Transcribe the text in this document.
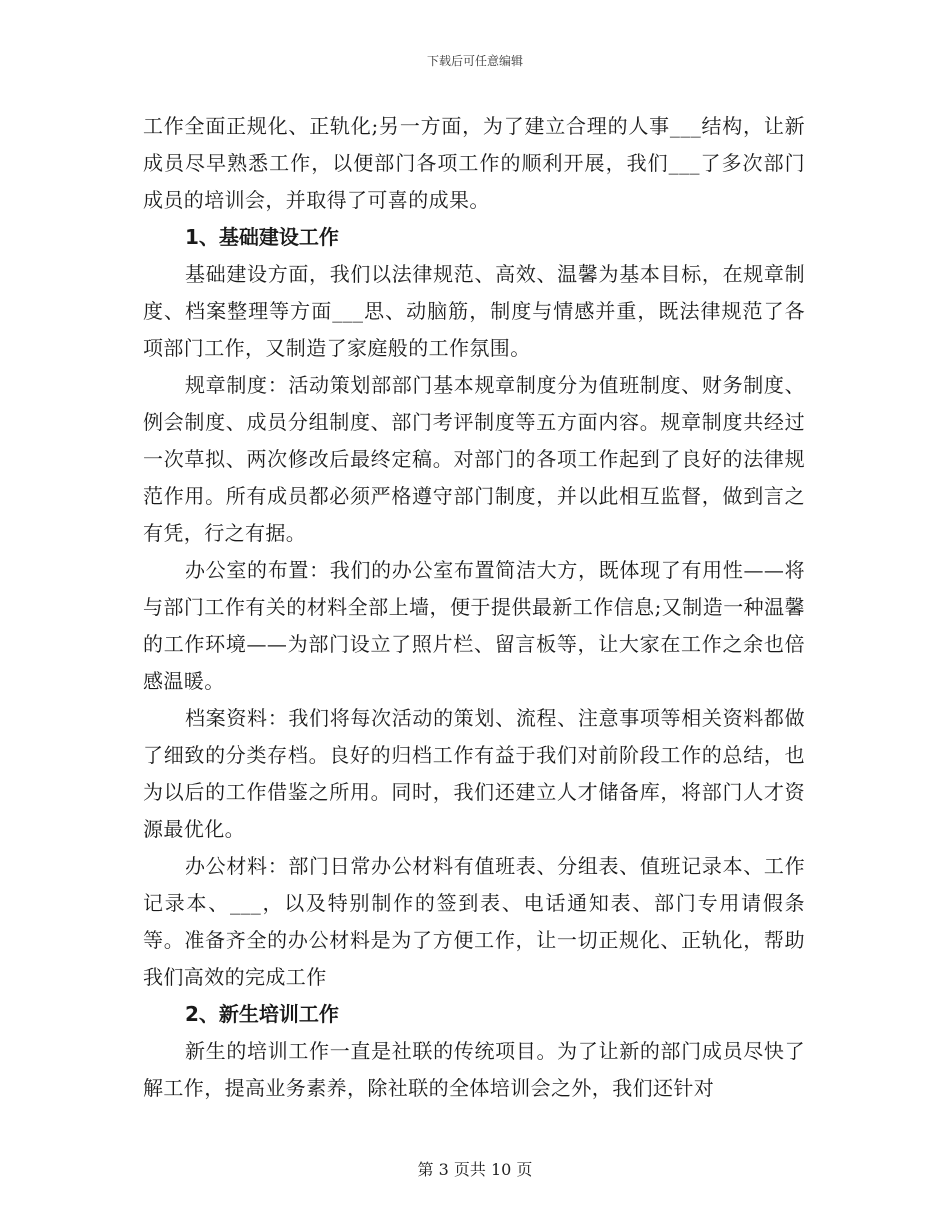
下载后可任意编辑

工作全面正规化、正轨化;另一方面，为了建立合理的人事___结构，让新成员尽早熟悉工作，以便部门各项工作的顺利开展，我们___了多次部门成员的培训会，并取得了可喜的成果。

1、基础建设工作

基础建设方面，我们以法律规范、高效、温馨为基本目标，在规章制度、档案整理等方面___思、动脑筋，制度与情感并重，既法律规范了各项部门工作，又制造了家庭般的工作氛围。

规章制度：活动策划部部门基本规章制度分为值班制度、财务制度、例会制度、成员分组制度、部门考评制度等五方面内容。规章制度共经过一次草拟、两次修改后最终定稿。对部门的各项工作起到了良好的法律规范作用。所有成员都必须严格遵守部门制度，并以此相互监督，做到言之有凭，行之有据。

办公室的布置：我们的办公室布置简洁大方，既体现了有用性——将与部门工作有关的材料全部上墙，便于提供最新工作信息;又制造一种温馨的工作环境——为部门设立了照片栏、留言板等，让大家在工作之余也倍感温暖。

档案资料：我们将每次活动的策划、流程、注意事项等相关资料都做了细致的分类存档。良好的归档工作有益于我们对前阶段工作的总结，也为以后的工作借鉴之所用。同时，我们还建立人才储备库，将部门人才资源最优化。

办公材料：部门日常办公材料有值班表、分组表、值班记录本、工作记录本、___，以及特别制作的签到表、电话通知表、部门专用请假条等。准备齐全的办公材料是为了方便工作，让一切正规化、正轨化，帮助我们高效的完成工作

2、新生培训工作

新生的培训工作一直是社联的传统项目。为了让新的部门成员尽快了解工作，提高业务素养，除社联的全体培训会之外，我们还针对

第 3 页共 10 页
